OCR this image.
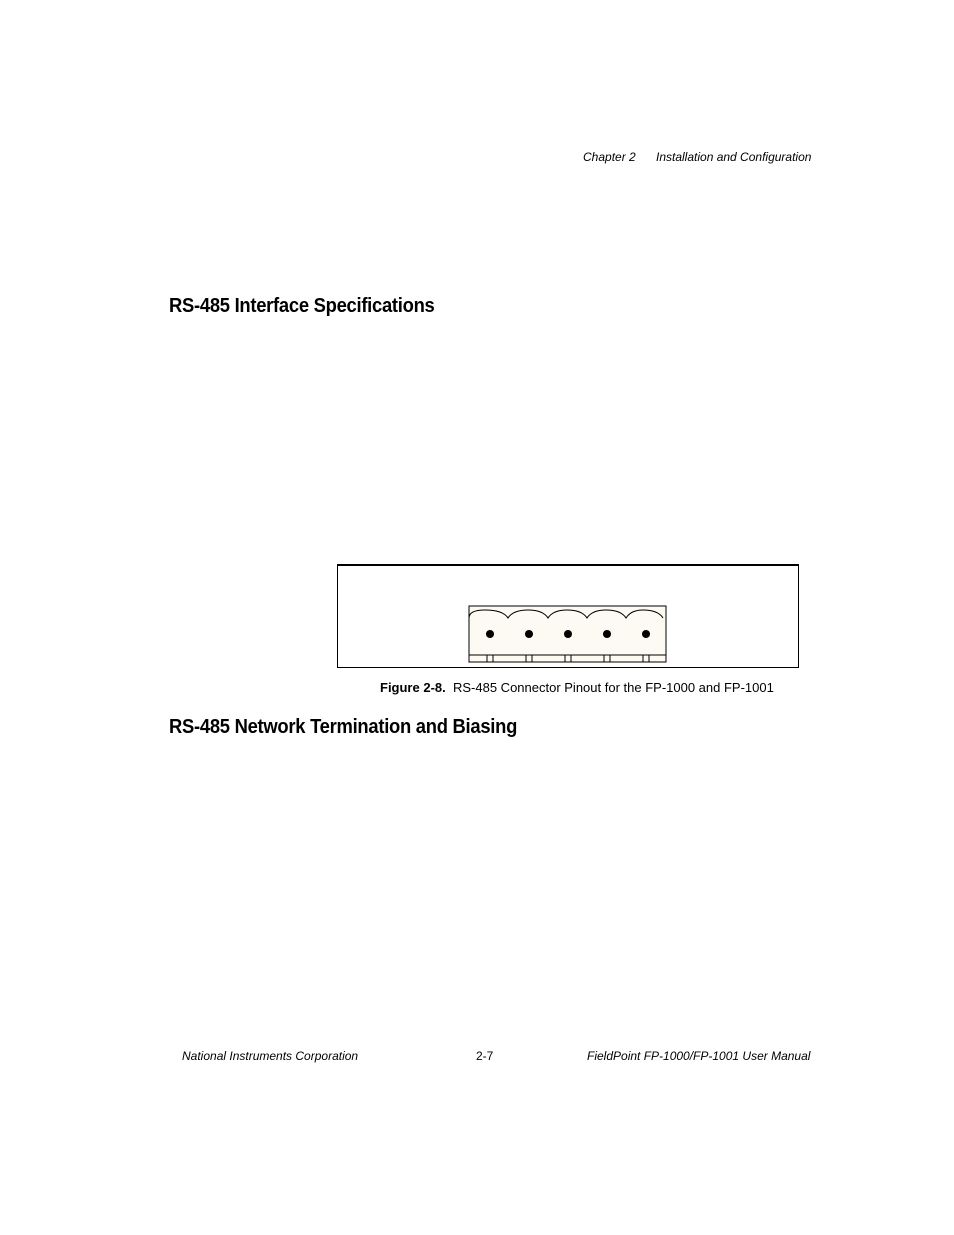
Chapter 2 Installation and Configuration
RS-485 Interface Specifications
Figure 2-8. RS-485 Connector Pinout for the FP-1000 and FP-1001
RS-485 Network Termination and Biasing
National Instruments Corporation	2-7	FieldPoint FP-1000/FP-1001 User Manual
